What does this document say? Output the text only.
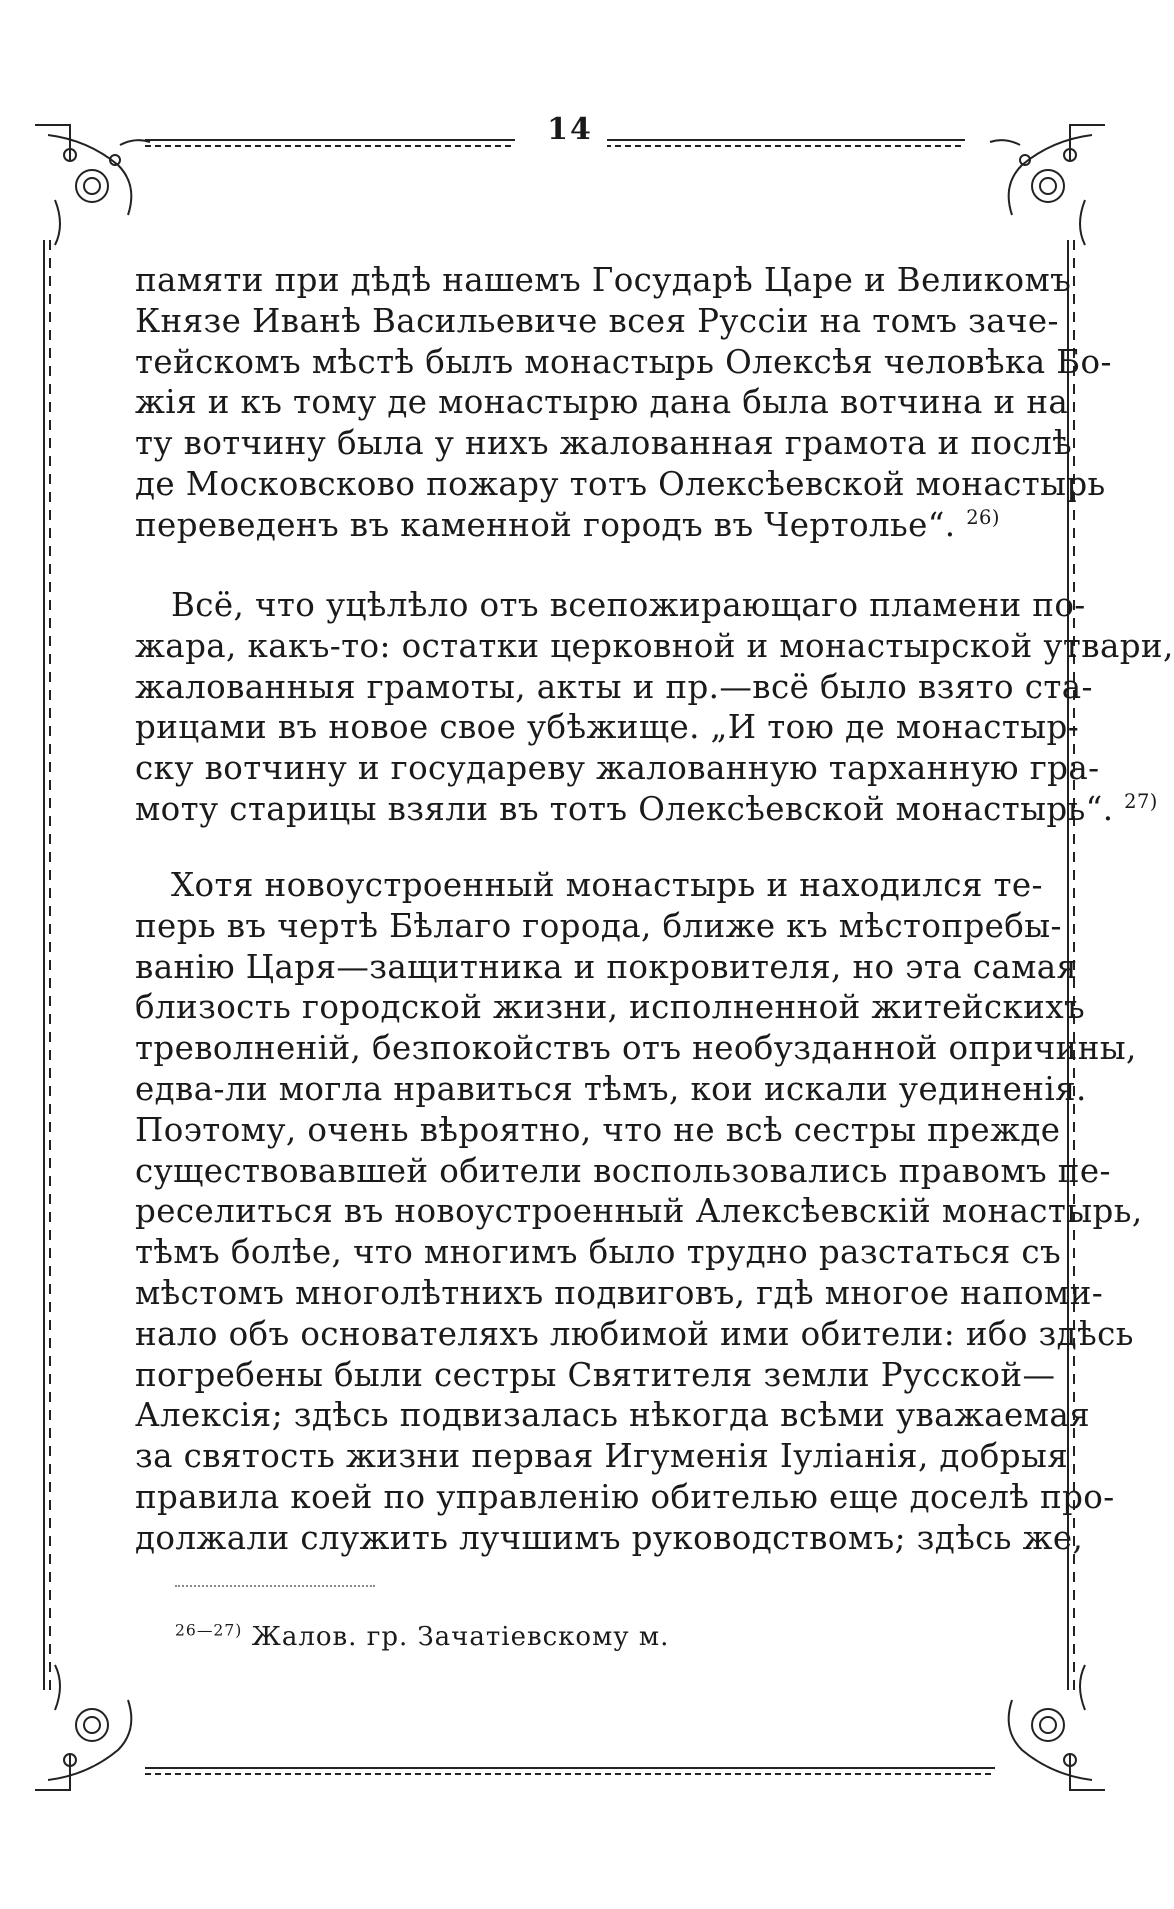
14
памяти при дѣдѣ нашемъ Государѣ Царе и Великомъ
Князе Иванѣ Васильевиче всея Руссіи на томъ заче-
тейскомъ мѣстѣ былъ монастырь Олексѣя человѣка Бо-
жія и къ тому де монастырю дана была вотчина и на
ту вотчину была у нихъ жалованная грамота и послѣ
де Московсково пожару тотъ Олексѣевской монастырь
переведенъ въ каменной городъ въ Чертолье“. $^{26)}$
Всё, что уцѣлѣло отъ всепожирающаго пламени по-
жара, какъ-то: остатки церковной и монастырской утвари,
жалованныя грамоты, акты и пр.—всё было взято ста-
рицами въ новое свое убѣжище. „И тою де монастыр-
ску вотчину и государеву жалованную тарханную гра-
моту старицы взяли въ тотъ Олексѣевской монастырь“. $^{27)}$
Хотя новоустроенный монастырь и находился те-
перь въ чертѣ Бѣлаго города, ближе къ мѣстопребы-
ванію Царя—защитника и покровителя, но эта самая
близость городской жизни, исполненной житейскихъ
треволненій, безпокойствъ отъ необузданной опричины,
едва-ли могла нравиться тѣмъ, кои искали уединенія.
Поэтому, очень вѣроятно, что не всѣ сестры прежде
существовавшей обители воспользовались правомъ пе-
реселиться въ новоустроенный Алексѣевскій монастырь,
тѣмъ болѣе, что многимъ было трудно разстаться съ
мѣстомъ многолѣтнихъ подвиговъ, гдѣ многое напоми-
нало объ основателяхъ любимой ими обители: ибо здѣсь
погребены были сестры Святителя земли Русской—
Алексія; здѣсь подвизалась нѣкогда всѣми уважаемая
за святость жизни первая Игуменія Іуліанія, добрыя
правила коей по управленію обителью еще доселѣ про-
должали служить лучшимъ руководствомъ; здѣсь же,
$^{26—27)}$ Жалов. гр. Зачатіевскому м.
